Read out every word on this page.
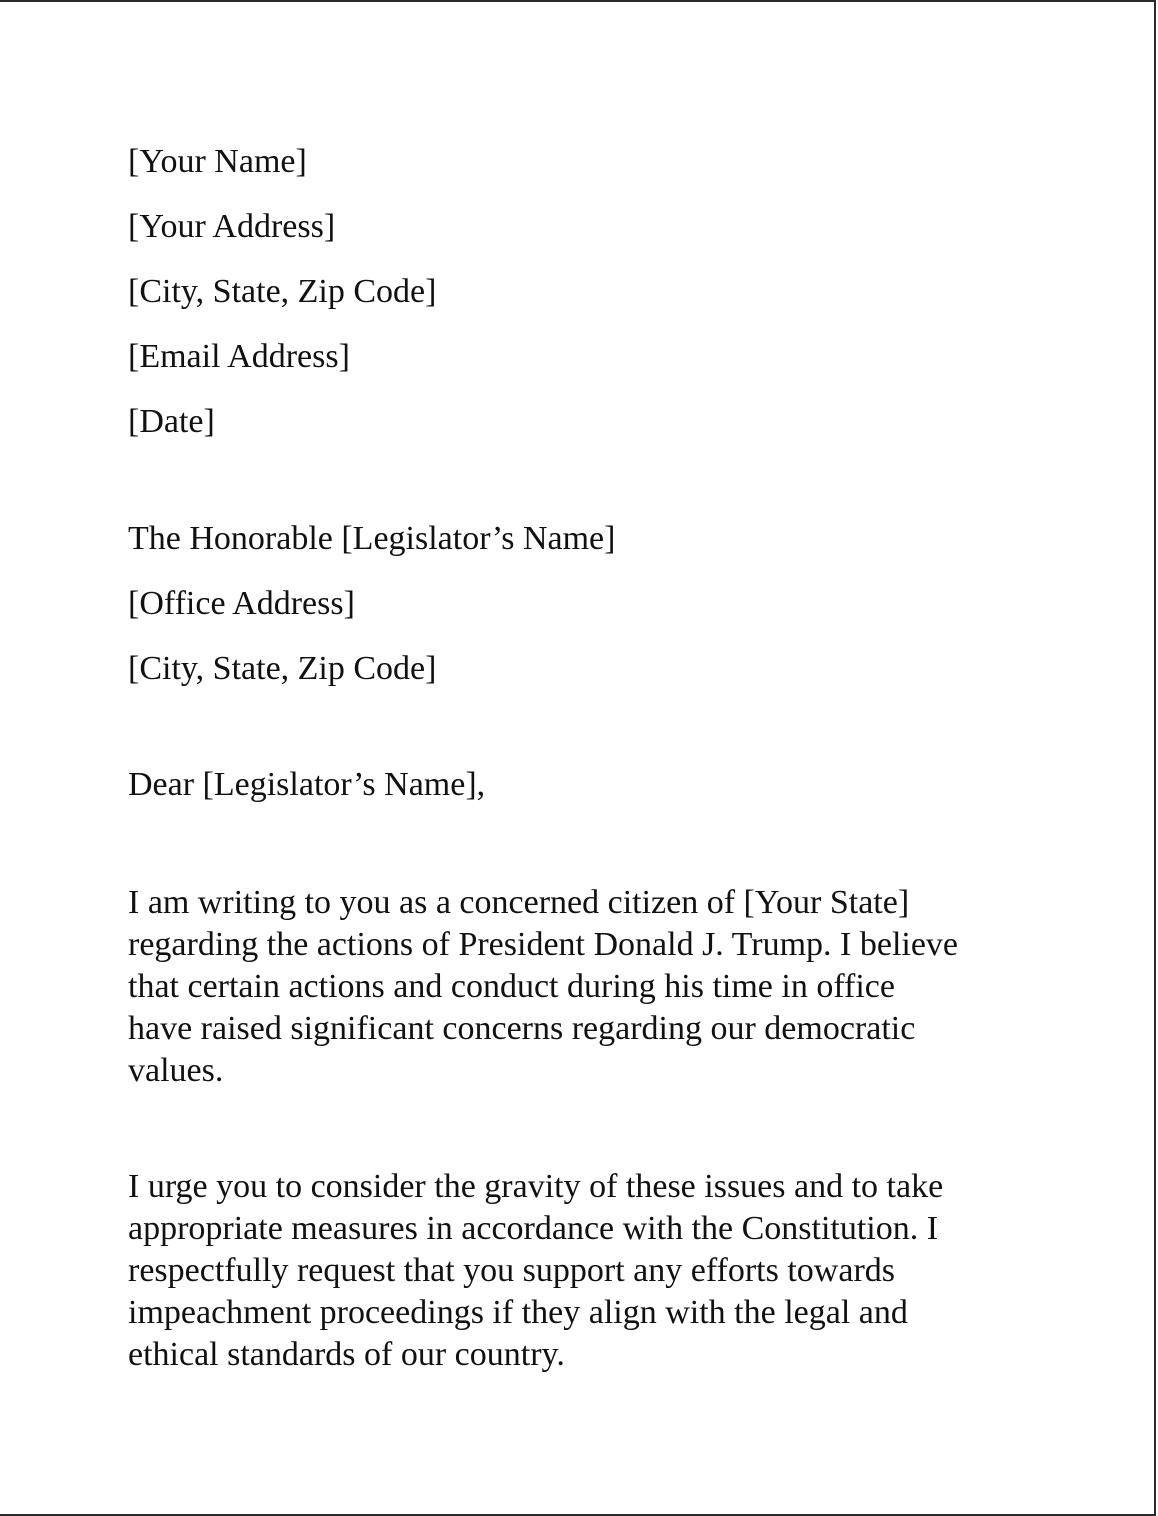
[Your Name]
[Your Address]
[City, State, Zip Code]
[Email Address]
[Date]
The Honorable [Legislator’s Name]
[Office Address]
[City, State, Zip Code]
Dear [Legislator’s Name],
I am writing to you as a concerned citizen of [Your State]
regarding the actions of President Donald J. Trump. I believe
that certain actions and conduct during his time in office
have raised significant concerns regarding our democratic
values.
I urge you to consider the gravity of these issues and to take
appropriate measures in accordance with the Constitution. I
respectfully request that you support any efforts towards
impeachment proceedings if they align with the legal and
ethical standards of our country.
